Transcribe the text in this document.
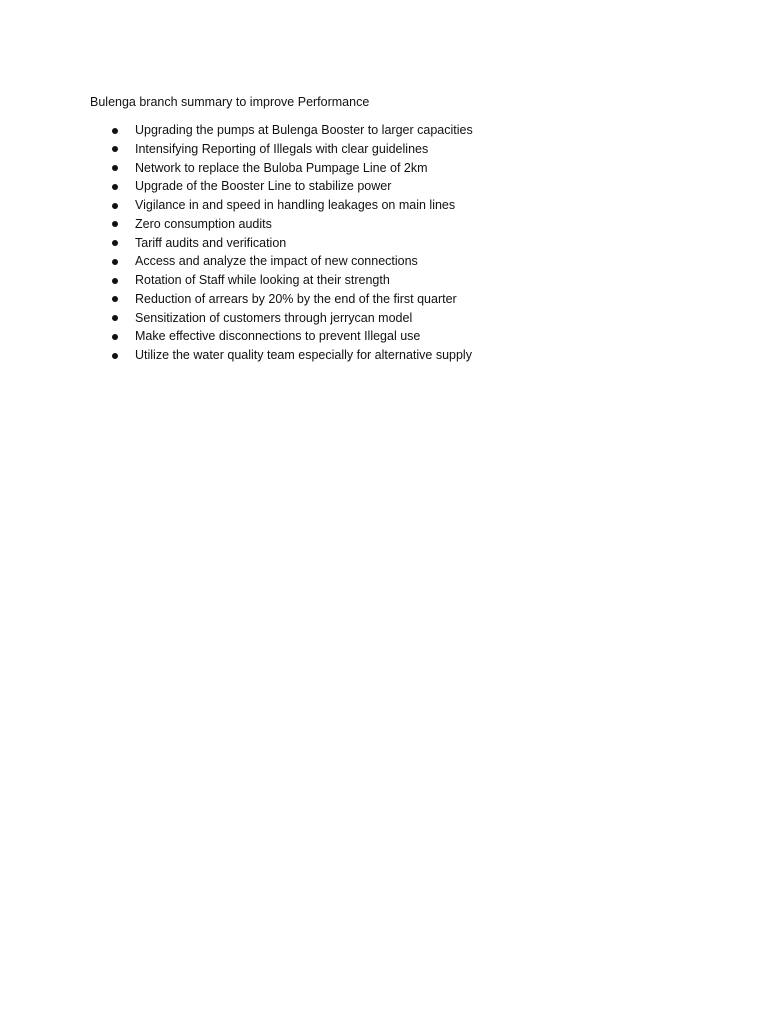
Bulenga branch summary to improve Performance
Upgrading the pumps at Bulenga Booster to larger capacities
Intensifying Reporting of Illegals with clear guidelines
Network to replace the Buloba Pumpage Line of 2km
Upgrade of the Booster Line to stabilize power
Vigilance in and speed in handling leakages on main lines
Zero consumption audits
Tariff audits and verification
Access and analyze the impact of new connections
Rotation of Staff while looking at their strength
Reduction of arrears by 20% by the end of the first quarter
Sensitization of customers through jerrycan model
Make effective disconnections to prevent Illegal use
Utilize the water quality team especially for alternative supply
